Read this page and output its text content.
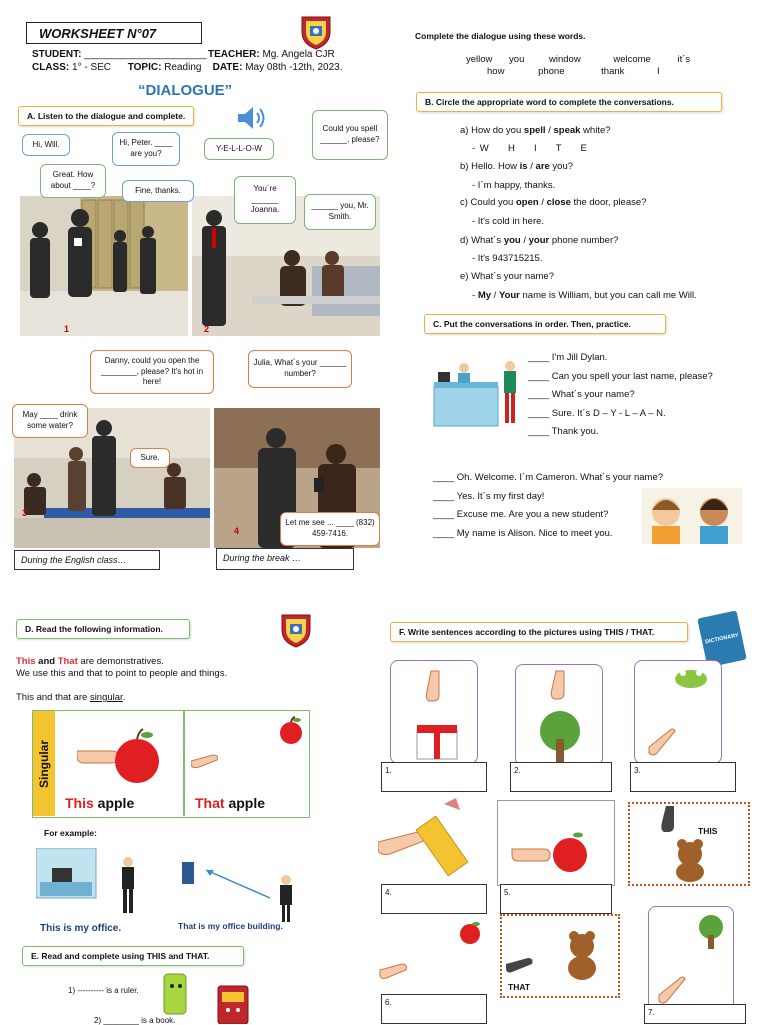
WORKSHEET N°07
STUDENT: ______________________ TEACHER: Mg. Angela CJR
CLASS: 1° - SEC TOPIC: Reading DATE: May 08th -12th, 2023.
“DIALOGUE”
A. Listen to the dialogue and complete.
1	2
Hi, Will.	Hi, Peter. ____ are you?
Great. How about ____?
Fine, thanks.
Y-E-L-L-O-W
Could you spell ______, please?
You´re ______ Joanna.	______ you, Mr. Smith.
3
4
Danny, could you open the ________, please? It's hot in here!
Julia, What´s your ______ number?
May ____ drink some water?
Sure.
Let me see ... ____ (832) 459-7416.
During the English class…	During the break …
Complete the dialogue using these words.
yellow you	window	welcome	it´s
how	phone	thank	I
B. Circle the appropriate word to complete the conversations.
a) How do you spell / speak white?
- W     H     I     T     E
b) Hello. How is / are you?
- I´m happy, thanks.
c) Could you open / close the door, please?
- It's cold in here.
d) What´s you / your phone number?
- It's 943715215.
e) What´s your name?
- My / Your name is William, but you can call me Will.
C. Put the conversations in order. Then, practice.
____ I'm Jill Dylan.
____ Can you spell your last name, please?
____ What´s your name?
____ Sure. It´s D – Y - L – A – N.
____ Thank you.
____ Oh. Welcome. I´m Cameron. What´s your name?
____ Yes. It´s my first day!
____ Excuse me. Are you a new student?
____ My name is Alison. Nice to meet you.
D. Read the following information.
This and That are demonstratives.
We use this and that to point to people and things.
This and that are singular.
Singular
This apple	That apple
For example:
This is my office.	That is my office building.
E. Read and complete using THIS and THAT.
1) ---------- is a ruler.
2) ________ is a book.
F. Write sentences according to the pictures using THIS / THAT.
DICTIONARY
1.	2.	3.
4.	5.
THIS
6.
THAT
7.
